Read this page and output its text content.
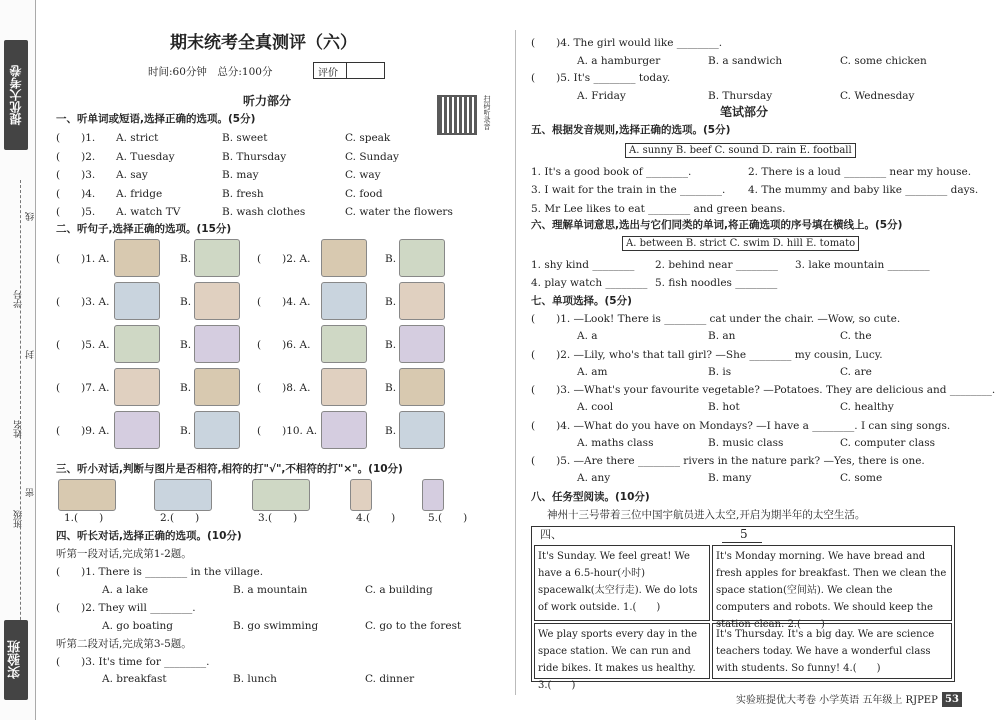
提优大考卷
学号
姓名
班级
线
封
密
实验班
期末统考全真测评（六）
时间:60分钟　总分:100分	评价
扫码听录音
听力部分
一、听单词或短语,选择正确的选项。(5分)
(　　)1. A. strict	B. sweet	C. speak
(　　)2. A. Tuesday	B. Thursday	C. Sunday
(　　)3. A. say	B. may	C. way
(　　)4. A. fridge	B. fresh	C. food
(　　)5. A. watch TV	B. wash clothes	C. water the flowers
二、听句子,选择正确的选项。(15分)
(　　)1. A.	B.	(　　)2. A.	B.
(　　)3. A.	B.	(　　)4. A.	B.
(　　)5. A.	B.	(　　)6. A.	B.
(　　)7. A.	B.	(　　)8. A.	B.
(　　)9. A.	B.	(　　)10. A.	B.
三、听小对话,判断与图片是否相符,相符的打"√",不相符的打"×"。(10分)
1.(　　)	2.(　　)	3.(　　)	4.(　　)	5.(　　)
四、听长对话,选择正确的选项。(10分)
听第一段对话,完成第1-2题。
听第二段对话,完成第3-5题。
(　　)1. There is ________ in the village.
A. a lake	B. a mountain	C. a building
(　　)2. They will ________.
A. go boating	B. go swimming	C. go to the forest
(　　)3. It's time for ________.
A. breakfast	B. lunch	C. dinner
(　　)4. The girl would like ________.
A. a hamburger	B. a sandwich	C. some chicken
(　　)5. It's ________ today.
A. Friday	B. Thursday	C. Wednesday
笔试部分
五、根据发音规则,选择正确的选项。(5分)
A. sunny B. beef C. sound D. rain E. football
1. It's a good book of ________.	2. There is a loud ________ near my house.
3. I wait for the train in the ________. 4. The mummy and baby like ________ days.
5. Mr Lee likes to eat ________ and green beans.
六、理解单词意思,选出与它们同类的单词,将正确选项的序号填在横线上。(5分)
A. between B. strict C. swim D. hill E. tomato
1. shy kind ________ 2. behind near ________ 3. lake mountain ________
4. play watch ________ 5. fish noodles ________
七、单项选择。(5分)
(　　)1. —Look! There is ________ cat under the chair. —Wow, so cute.
A. a	B. an	C. the
(　　)2. —Lily, who's that tall girl? —She ________ my cousin, Lucy.
A. am	B. is	C. are
(　　)3. —What's your favourite vegetable? —Potatoes. They are delicious and ________.
A. cool	B. hot	C. healthy
(　　)4. —What do you have on Mondays? —I have a ________. I can sing songs.
A. maths class	B. music class	C. computer class
(　　)5. —Are there ________ rivers in the nature park? —Yes, there is one.
A. any	B. many	C. some
八、任务型阅读。(10分)
神州十三号带着三位中国宇航员进入太空,开启为期半年的太空生活。
四、	5
It's Sunday. We feel great! We have a 6.5-hour(小时) spacewalk(太空行走). We do lots of work outside. 1.(　　)
It's Monday morning. We have bread and fresh apples for breakfast. Then we clean the space station(空间站). We clean the computers and robots. We should keep the station clean. 2.(　　)
We play sports every day in the space station. We can run and ride bikes. It makes us healthy. 3.(　　)
It's Thursday. It's a big day. We are science teachers today. We have a wonderful class with students. So funny! 4.(　　)
实验班提优大考卷 小学英语 五年级上 RJPEP 53
